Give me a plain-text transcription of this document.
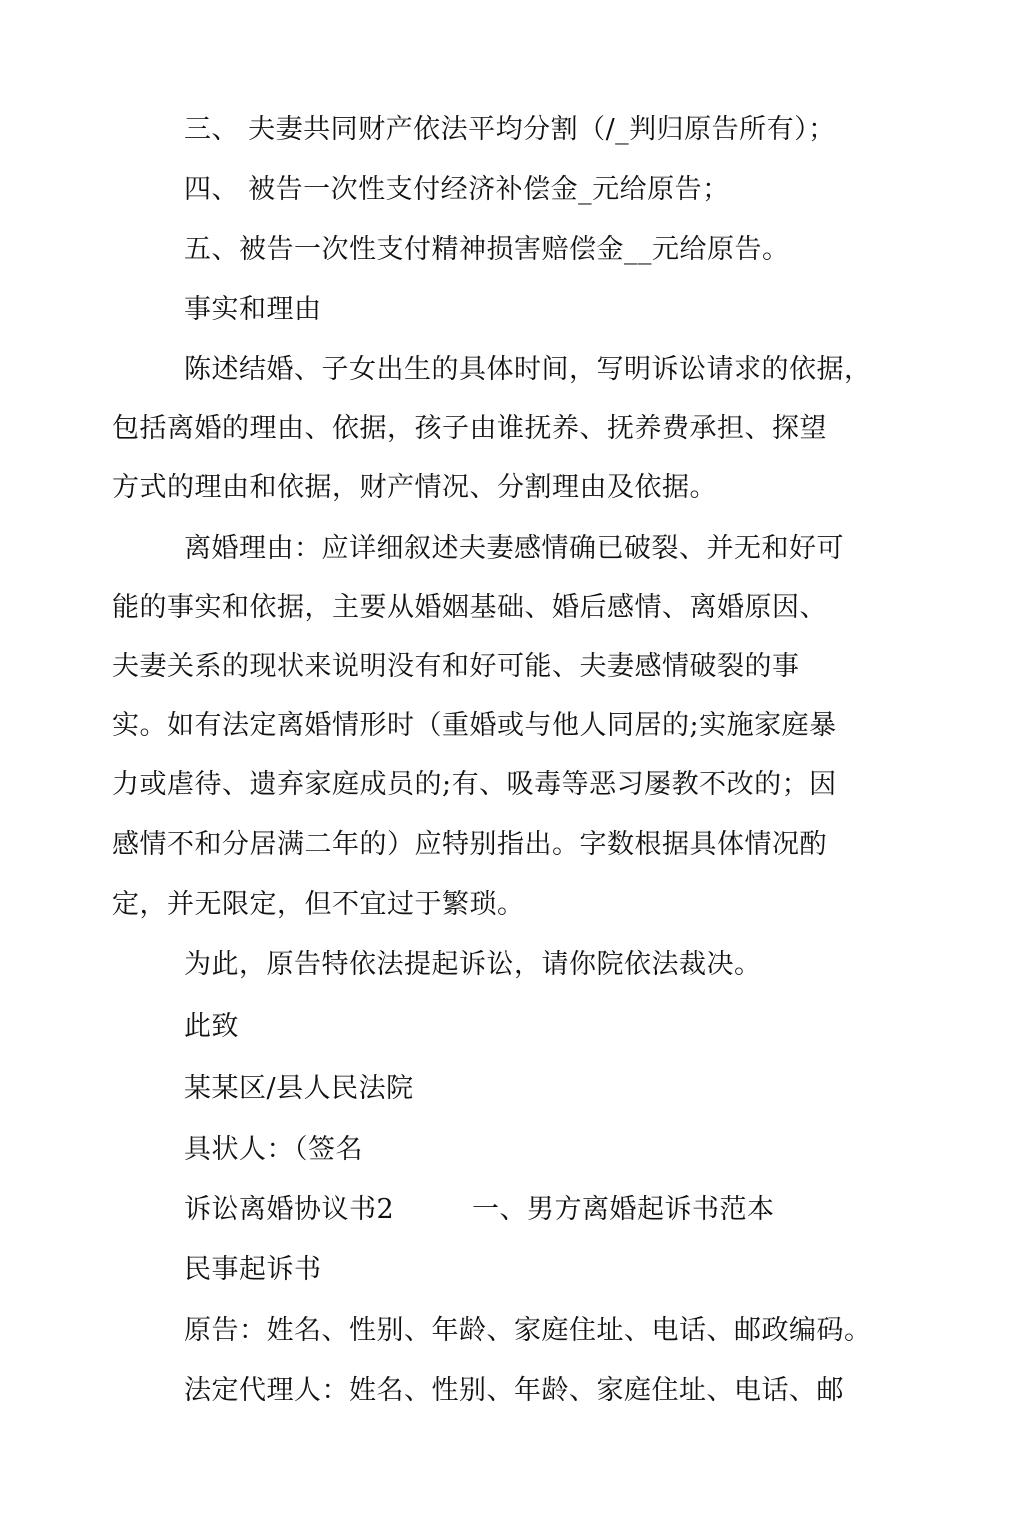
三、 夫妻共同财产依法平均分割（/_判归原告所有）；
四、 被告一次性支付经济补偿金_元给原告；
五、被告一次性支付精神损害赔偿金__元给原告。
事实和理由
陈述结婚、子女出生的具体时间，写明诉讼请求的依据，
包括离婚的理由、依据，孩子由谁抚养、抚养费承担、探望
方式的理由和依据，财产情况、分割理由及依据。
离婚理由：应详细叙述夫妻感情确已破裂、并无和好可
能的事实和依据，主要从婚姻基础、婚后感情、离婚原因、
夫妻关系的现状来说明没有和好可能、夫妻感情破裂的事
实。如有法定离婚情形时（重婚或与他人同居的;实施家庭暴
力或虐待、遗弃家庭成员的;有、吸毒等恶习屡教不改的；因
感情不和分居满二年的）应特别指出。字数根据具体情况酌
定，并无限定，但不宜过于繁琐。
为此，原告特依法提起诉讼，请你院依法裁决。
此致
某某区/县人民法院
具状人：（签名
诉讼离婚协议书2	一、男方离婚起诉书范本
民事起诉书
原告：姓名、性别、年龄、家庭住址、电话、邮政编码。
法定代理人：姓名、性别、年龄、家庭住址、电话、邮
